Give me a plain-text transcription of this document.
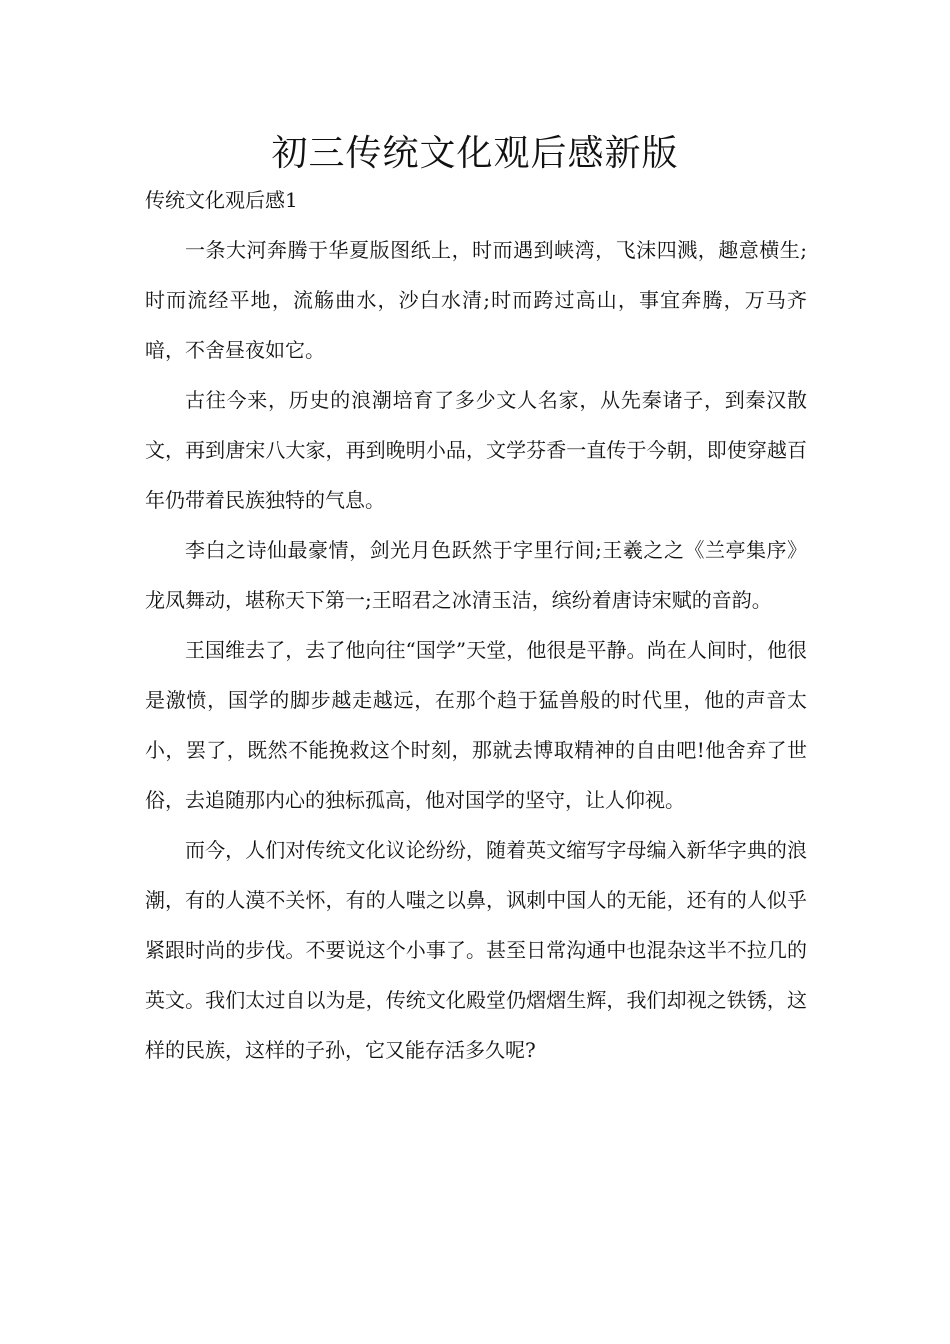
初三传统文化观后感新版

传统文化观后感1

一条大河奔腾于华夏版图纸上，时而遇到峡湾，飞沫四溅，趣意横生;时而流经平地，流觞曲水，沙白水清;时而跨过高山，事宜奔腾，万马齐喑，不舍昼夜如它。

古往今来，历史的浪潮培育了多少文人名家，从先秦诸子，到秦汉散文，再到唐宋八大家，再到晚明小品，文学芬香一直传于今朝，即使穿越百年仍带着民族独特的气息。

李白之诗仙最豪情，剑光月色跃然于字里行间;王羲之之《兰亭集序》龙凤舞动，堪称天下第一;王昭君之冰清玉洁，缤纷着唐诗宋赋的音韵。

王国维去了，去了他向往“国学”天堂，他很是平静。尚在人间时，他很是激愤，国学的脚步越走越远，在那个趋于猛兽般的时代里，他的声音太小，罢了，既然不能挽救这个时刻，那就去博取精神的自由吧!他舍弃了世俗，去追随那内心的独标孤高，他对国学的坚守，让人仰视。

而今，人们对传统文化议论纷纷，随着英文缩写字母编入新华字典的浪潮，有的人漠不关怀，有的人嗤之以鼻，讽刺中国人的无能，还有的人似乎紧跟时尚的步伐。不要说这个小事了。甚至日常沟通中也混杂这半不拉几的英文。我们太过自以为是，传统文化殿堂仍熠熠生辉，我们却视之铁锈，这样的民族，这样的子孙，它又能存活多久呢?
